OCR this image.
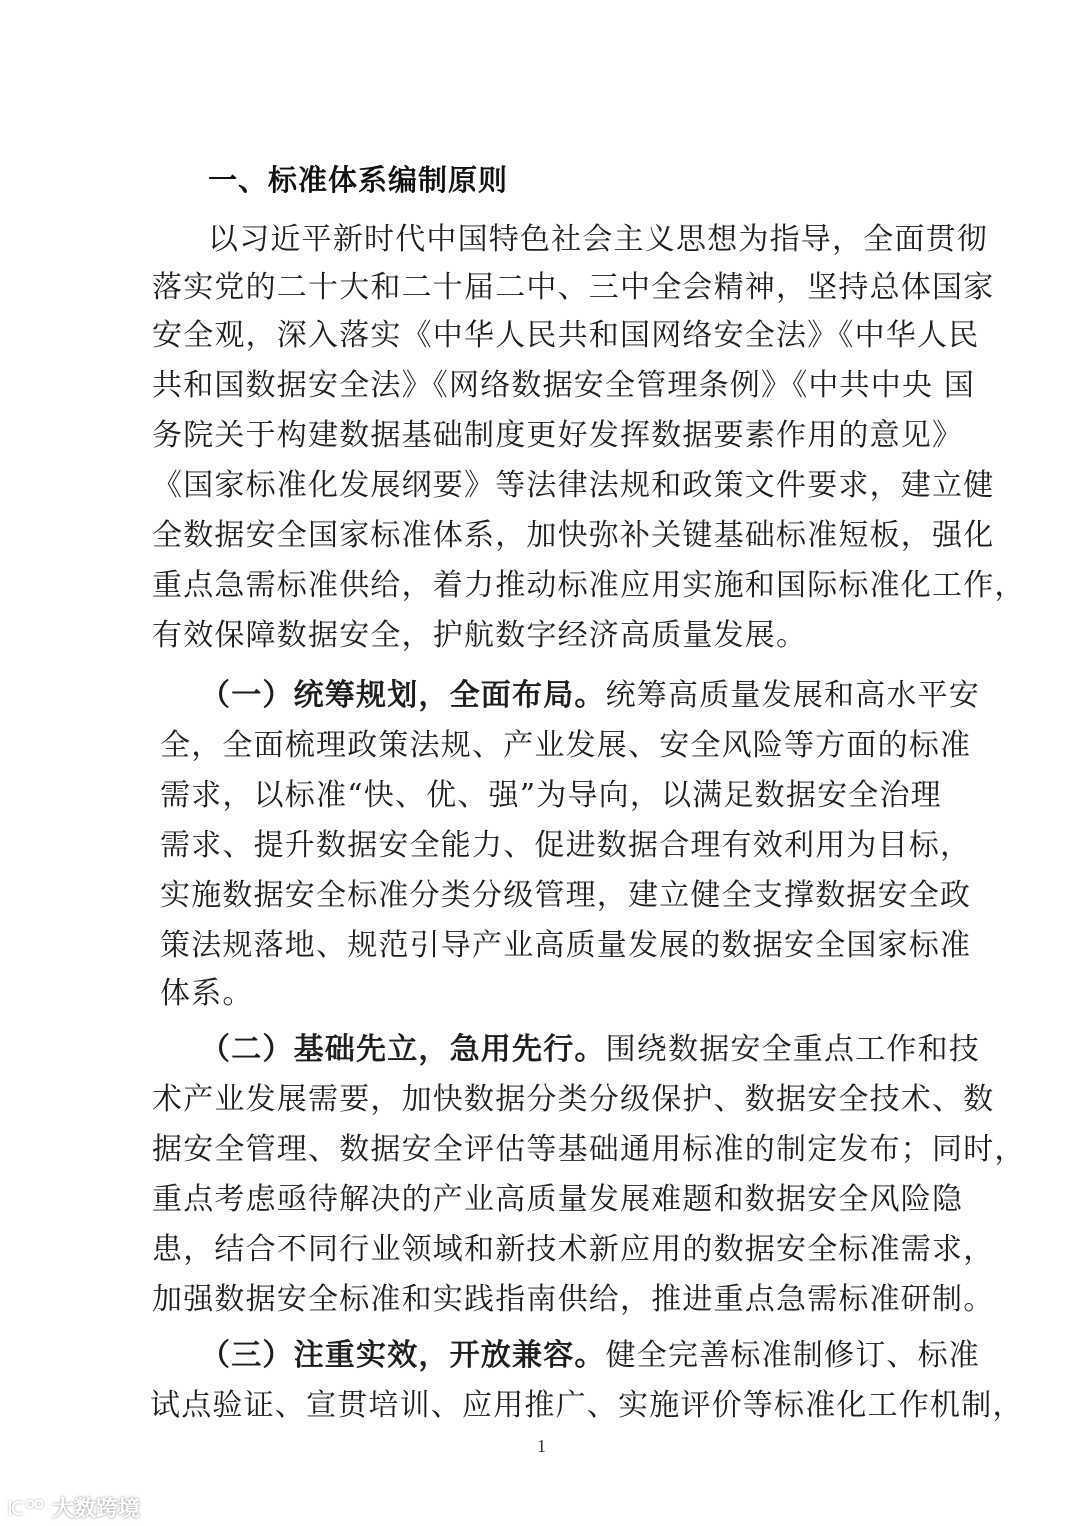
一、标准体系编制原则
以习近平新时代中国特色社会主义思想为指导，全面贯彻
落实党的二十大和二十届二中、三中全会精神，坚持总体国家
安全观，深入落实《中华人民共和国网络安全法》《中华人民
共和国数据安全法》《网络数据安全管理条例》《中共中央 国
务院关于构建数据基础制度更好发挥数据要素作用的意见》
《国家标准化发展纲要》等法律法规和政策文件要求，建立健
全数据安全国家标准体系，加快弥补关键基础标准短板，强化
重点急需标准供给，着力推动标准应用实施和国际标准化工作，
有效保障数据安全，护航数字经济高质量发展。
（一）统筹规划，全面布局。统筹高质量发展和高水平安
全，全面梳理政策法规、产业发展、安全风险等方面的标准
需求，以标准“快、优、强”为导向，以满足数据安全治理
需求、提升数据安全能力、促进数据合理有效利用为目标，
实施数据安全标准分类分级管理，建立健全支撑数据安全政
策法规落地、规范引导产业高质量发展的数据安全国家标准
体系。
（二）基础先立，急用先行。围绕数据安全重点工作和技
术产业发展需要，加快数据分类分级保护、数据安全技术、数
据安全管理、数据安全评估等基础通用标准的制定发布；同时，
重点考虑亟待解决的产业高质量发展难题和数据安全风险隐
患，结合不同行业领域和新技术新应用的数据安全标准需求，
加强数据安全标准和实践指南供给，推进重点急需标准研制。
（三）注重实效，开放兼容。健全完善标准制修订、标准
试点验证、宣贯培训、应用推广、实施评价等标准化工作机制，
1
大数跨境
